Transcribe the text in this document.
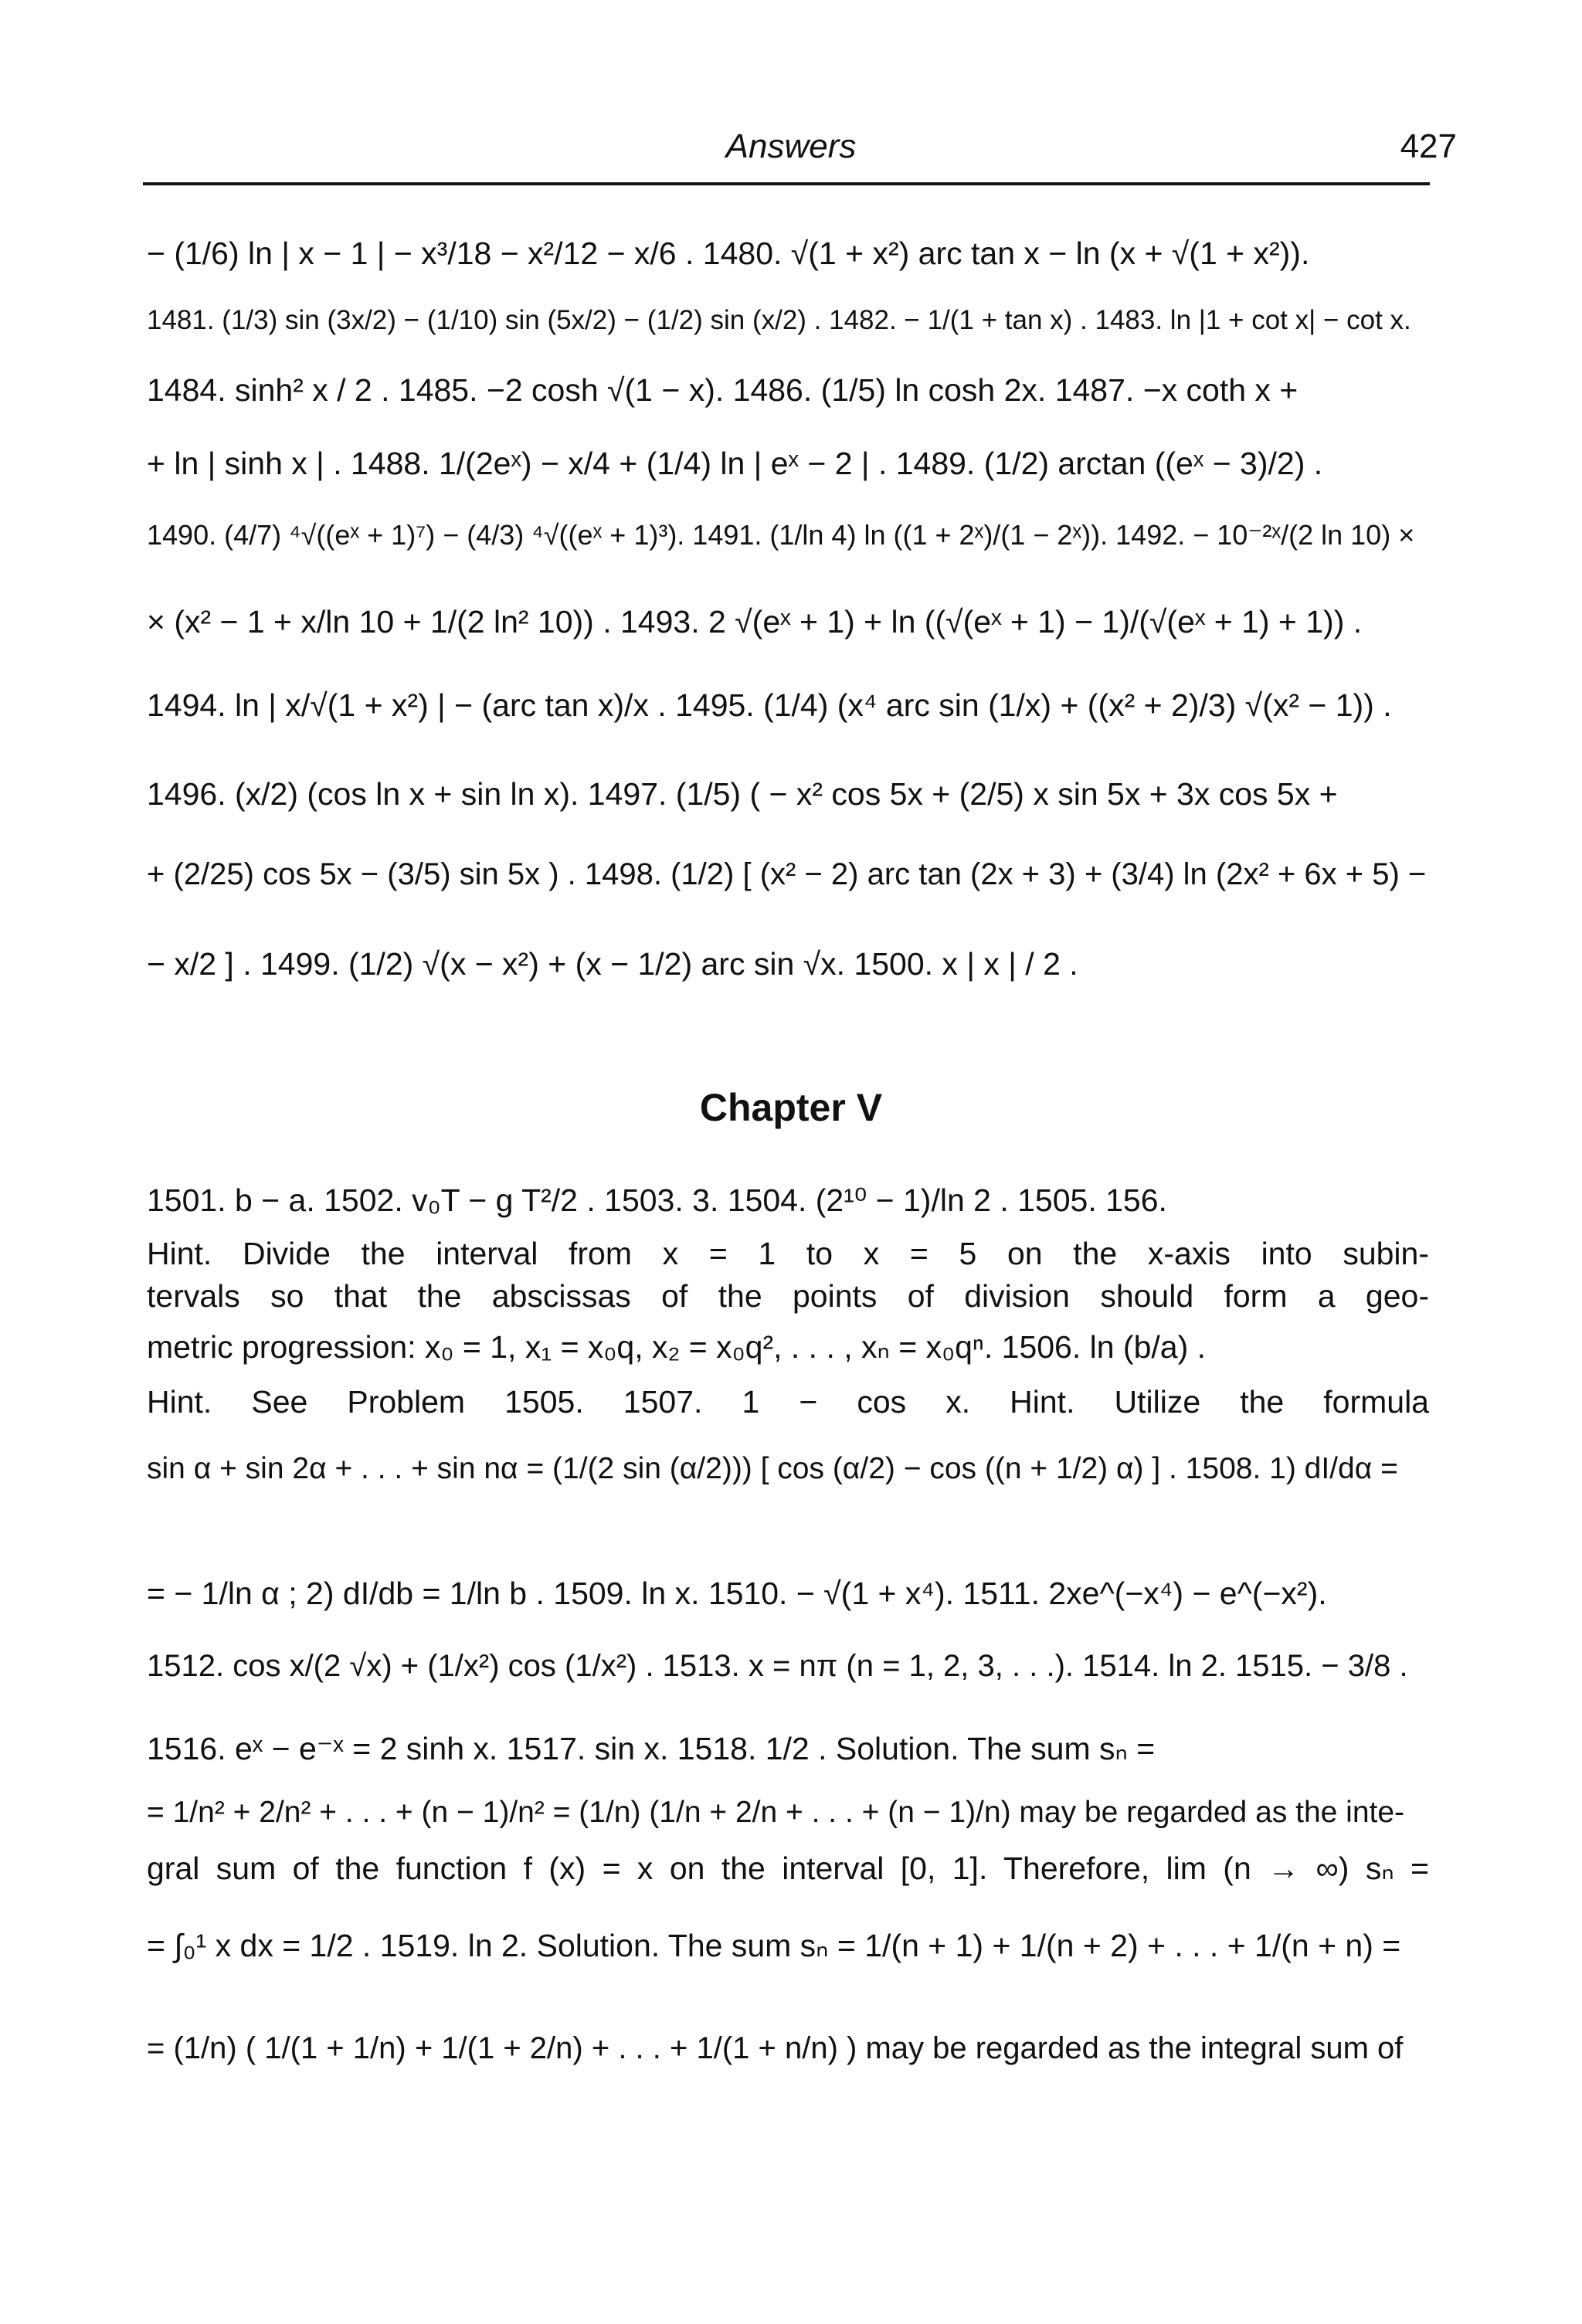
Answers	427
− (1/6) ln | x − 1 | − x³/18 − x²/12 − x/6 . 1480. √(1 + x²) arc tan x − ln (x + √(1 + x²)).
1481. (1/3) sin (3x/2) − (1/10) sin (5x/2) − (1/2) sin (x/2) . 1482. − 1/(1 + tan x) . 1483. ln |1 + cot x| − cot x.
1484. sinh² x / 2 . 1485. −2 cosh √(1 − x). 1486. (1/5) ln cosh 2x. 1487. −x coth x +
+ ln | sinh x | . 1488. 1/(2eˣ) − x/4 + (1/4) ln | eˣ − 2 | . 1489. (1/2) arctan ((eˣ − 3)/2) .
1490. (4/7) ⁴√((eˣ + 1)⁷) − (4/3) ⁴√((eˣ + 1)³). 1491. (1/ln 4) ln ((1 + 2ˣ)/(1 − 2ˣ)). 1492. − 10⁻²ˣ/(2 ln 10) ×
× (x² − 1 + x/ln 10 + 1/(2 ln² 10)) . 1493. 2 √(eˣ + 1) + ln ((√(eˣ + 1) − 1)/(√(eˣ + 1) + 1)) .
1494. ln | x/√(1 + x²) | − (arc tan x)/x . 1495. (1/4) (x⁴ arc sin (1/x) + ((x² + 2)/3) √(x² − 1)) .
1496. (x/2) (cos ln x + sin ln x). 1497. (1/5) ( − x² cos 5x + (2/5) x sin 5x + 3x cos 5x +
+ (2/25) cos 5x − (3/5) sin 5x ) . 1498. (1/2) [ (x² − 2) arc tan (2x + 3) + (3/4) ln (2x² + 6x + 5) −
− x/2 ] . 1499. (1/2) √(x − x²) + (x − 1/2) arc sin √x. 1500. x | x | / 2 .
Chapter V
1501. b − a. 1502. v₀T − g T²/2 . 1503. 3. 1504. (2¹⁰ − 1)/ln 2 . 1505. 156.
Hint. Divide the interval from x = 1 to x = 5 on the x-axis into subin-
tervals so that the abscissas of the points of division should form a geo-
metric progression: x₀ = 1, x₁ = x₀q, x₂ = x₀q², . . . , xₙ = x₀qⁿ. 1506. ln (b/a) .
Hint. See Problem 1505. 1507. 1 − cos x. Hint. Utilize the formula
sin α + sin 2α + . . . + sin nα = (1/(2 sin (α/2))) [ cos (α/2) − cos ((n + 1/2) α) ] . 1508. 1) dI/dα =
= − 1/ln α ; 2) dI/db = 1/ln b . 1509. ln x. 1510. − √(1 + x⁴). 1511. 2xe^(−x⁴) − e^(−x²).
1512. cos x/(2 √x) + (1/x²) cos (1/x²) . 1513. x = nπ (n = 1, 2, 3, . . .). 1514. ln 2. 1515. − 3/8 .
1516. eˣ − e⁻ˣ = 2 sinh x. 1517. sin x. 1518. 1/2 . Solution. The sum sₙ =
= 1/n² + 2/n² + . . . + (n − 1)/n² = (1/n) (1/n + 2/n + . . . + (n − 1)/n) may be regarded as the inte-
gral sum of the function f (x) = x on the interval [0, 1]. Therefore, lim (n → ∞) sₙ =
= ∫₀¹ x dx = 1/2 . 1519. ln 2. Solution. The sum sₙ = 1/(n + 1) + 1/(n + 2) + . . . + 1/(n + n) =
= (1/n) ( 1/(1 + 1/n) + 1/(1 + 2/n) + . . . + 1/(1 + n/n) ) may be regarded as the integral sum of
